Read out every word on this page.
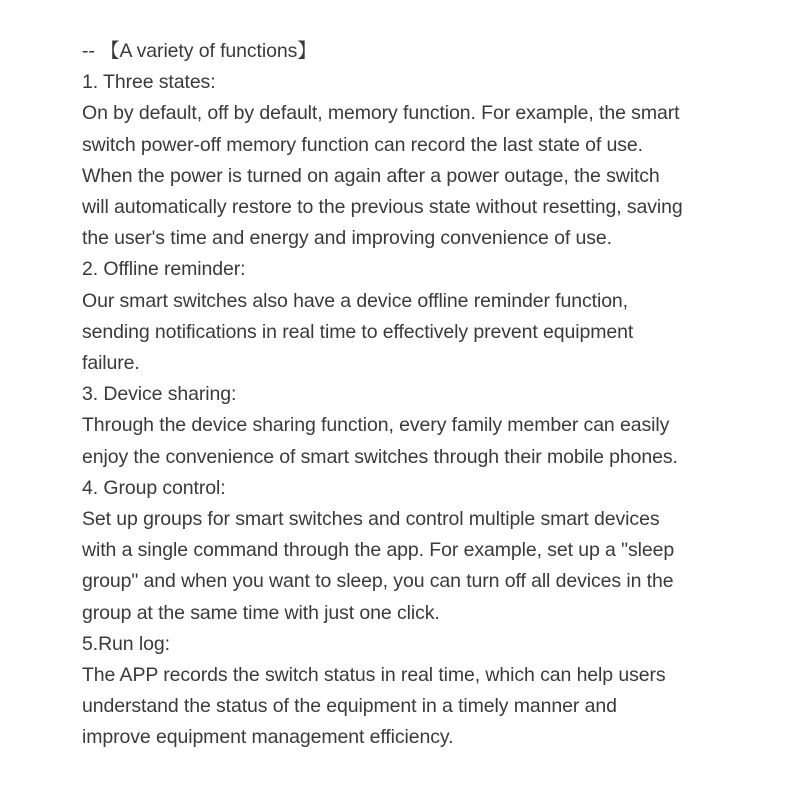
-- 【A variety of functions】
1. Three states:
On by default, off by default, memory function. For example, the smart
switch power-off memory function can record the last state of use.
When the power is turned on again after a power outage, the switch
will automatically restore to the previous state without resetting, saving
the user's time and energy and improving convenience of use.
2. Offline reminder:
Our smart switches also have a device offline reminder function,
sending notifications in real time to effectively prevent equipment
failure.
3. Device sharing:
Through the device sharing function, every family member can easily
enjoy the convenience of smart switches through their mobile phones.
4. Group control:
Set up groups for smart switches and control multiple smart devices
with a single command through the app. For example, set up a "sleep
group" and when you want to sleep, you can turn off all devices in the
group at the same time with just one click.
5.Run log:
The APP records the switch status in real time, which can help users
understand the status of the equipment in a timely manner and
improve equipment management efficiency.
